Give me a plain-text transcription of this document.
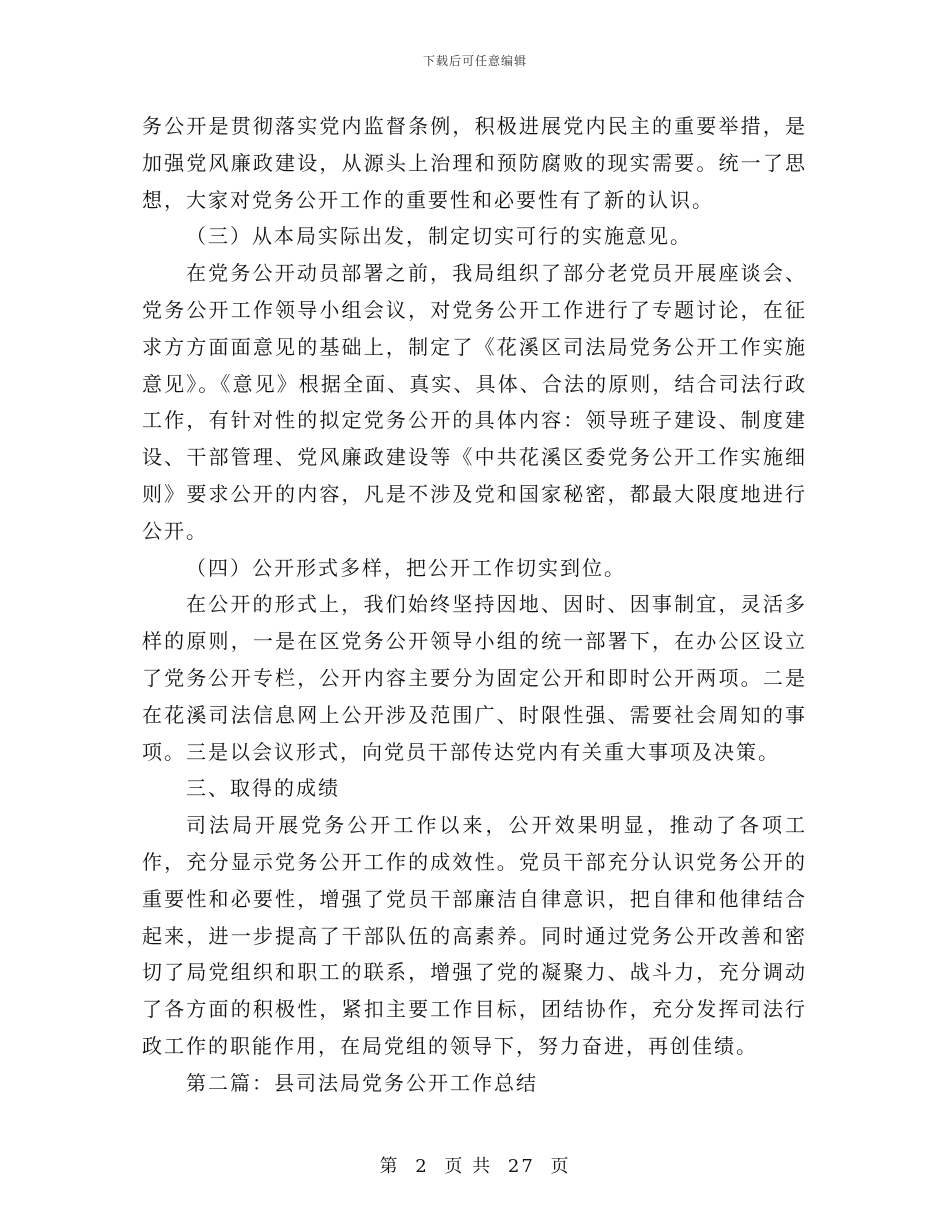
下载后可任意编辑

务公开是贯彻落实党内监督条例，积极进展党内民主的重要举措，是加强党风廉政建设，从源头上治理和预防腐败的现实需要。统一了思想，大家对党务公开工作的重要性和必要性有了新的认识。

（三）从本局实际出发，制定切实可行的实施意见。

在党务公开动员部署之前，我局组织了部分老党员开展座谈会、党务公开工作领导小组会议，对党务公开工作进行了专题讨论，在征求方方面面意见的基础上，制定了《花溪区司法局党务公开工作实施意见》。《意见》根据全面、真实、具体、合法的原则，结合司法行政工作，有针对性的拟定党务公开的具体内容：领导班子建设、制度建设、干部管理、党风廉政建设等《中共花溪区委党务公开工作实施细则》要求公开的内容，凡是不涉及党和国家秘密，都最大限度地进行公开。

（四）公开形式多样，把公开工作切实到位。

在公开的形式上，我们始终坚持因地、因时、因事制宜，灵活多样的原则，一是在区党务公开领导小组的统一部署下，在办公区设立了党务公开专栏，公开内容主要分为固定公开和即时公开两项。二是在花溪司法信息网上公开涉及范围广、时限性强、需要社会周知的事项。三是以会议形式，向党员干部传达党内有关重大事项及决策。

三、取得的成绩

司法局开展党务公开工作以来，公开效果明显，推动了各项工作，充分显示党务公开工作的成效性。党员干部充分认识党务公开的重要性和必要性，增强了党员干部廉洁自律意识，把自律和他律结合起来，进一步提高了干部队伍的高素养。同时通过党务公开改善和密切了局党组织和职工的联系，增强了党的凝聚力、战斗力，充分调动了各方面的积极性，紧扣主要工作目标，团结协作，充分发挥司法行政工作的职能作用，在局党组的领导下，努力奋进，再创佳绩。

第二篇：县司法局党务公开工作总结

第 2 页 共 27 页
